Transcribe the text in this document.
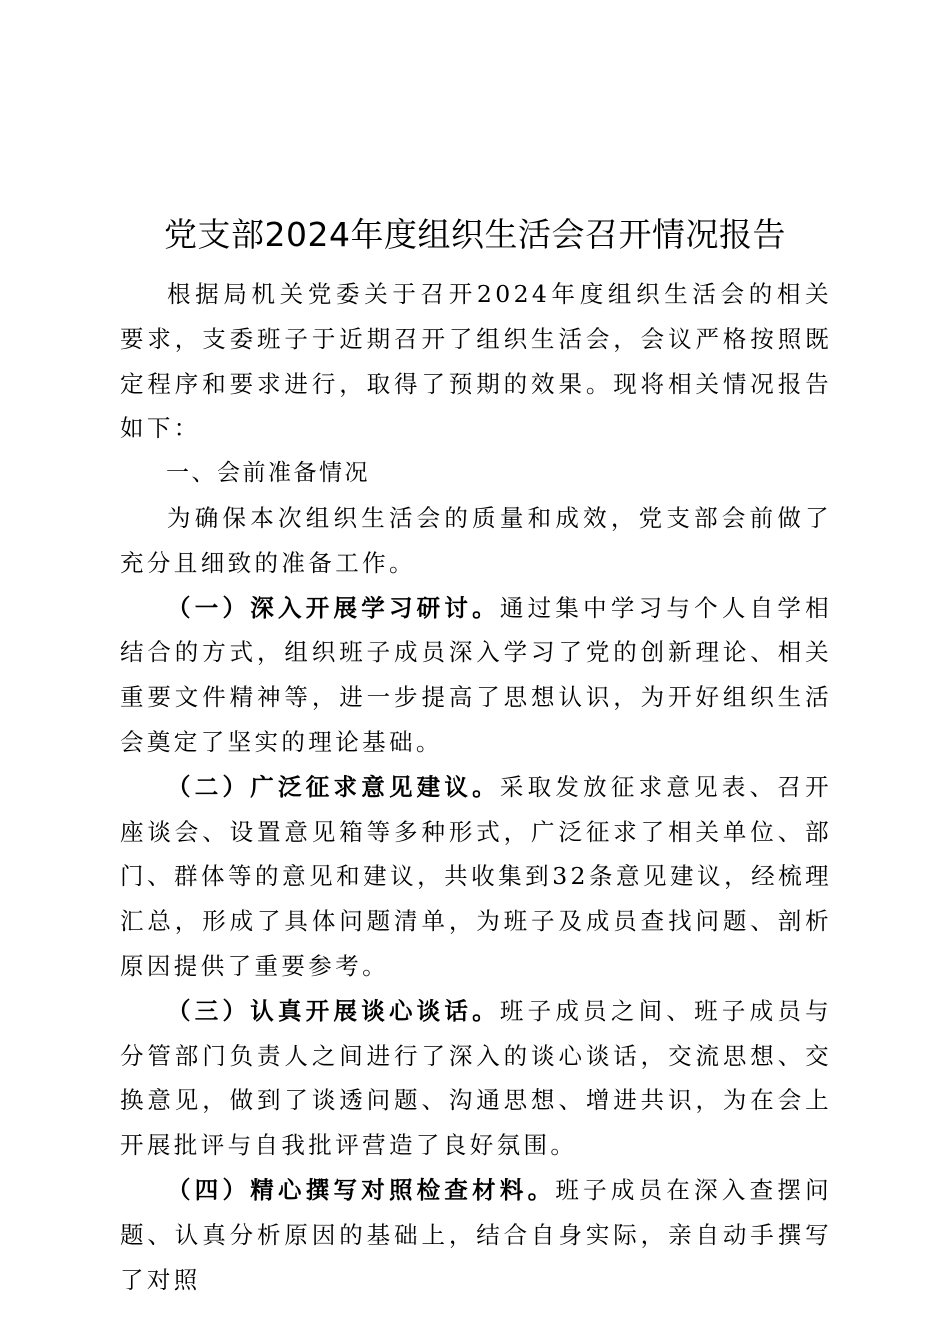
党支部2024年度组织生活会召开情况报告

根据局机关党委关于召开2024年度组织生活会的相关要求，支委班子于近期召开了组织生活会，会议严格按照既定程序和要求进行，取得了预期的效果。现将相关情况报告如下：

一、会前准备情况

为确保本次组织生活会的质量和成效，党支部会前做了充分且细致的准备工作。

（一）深入开展学习研讨。通过集中学习与个人自学相结合的方式，组织班子成员深入学习了党的创新理论、相关重要文件精神等，进一步提高了思想认识，为开好组织生活会奠定了坚实的理论基础。

（二）广泛征求意见建议。采取发放征求意见表、召开座谈会、设置意见箱等多种形式，广泛征求了相关单位、部门、群体等的意见和建议，共收集到32条意见建议，经梳理汇总，形成了具体问题清单，为班子及成员查找问题、剖析原因提供了重要参考。

（三）认真开展谈心谈话。班子成员之间、班子成员与分管部门负责人之间进行了深入的谈心谈话，交流思想、交换意见，做到了谈透问题、沟通思想、增进共识，为在会上开展批评与自我批评营造了良好氛围。

（四）精心撰写对照检查材料。班子成员在深入查摆问题、认真分析原因的基础上，结合自身实际，亲自动手撰写了对照
